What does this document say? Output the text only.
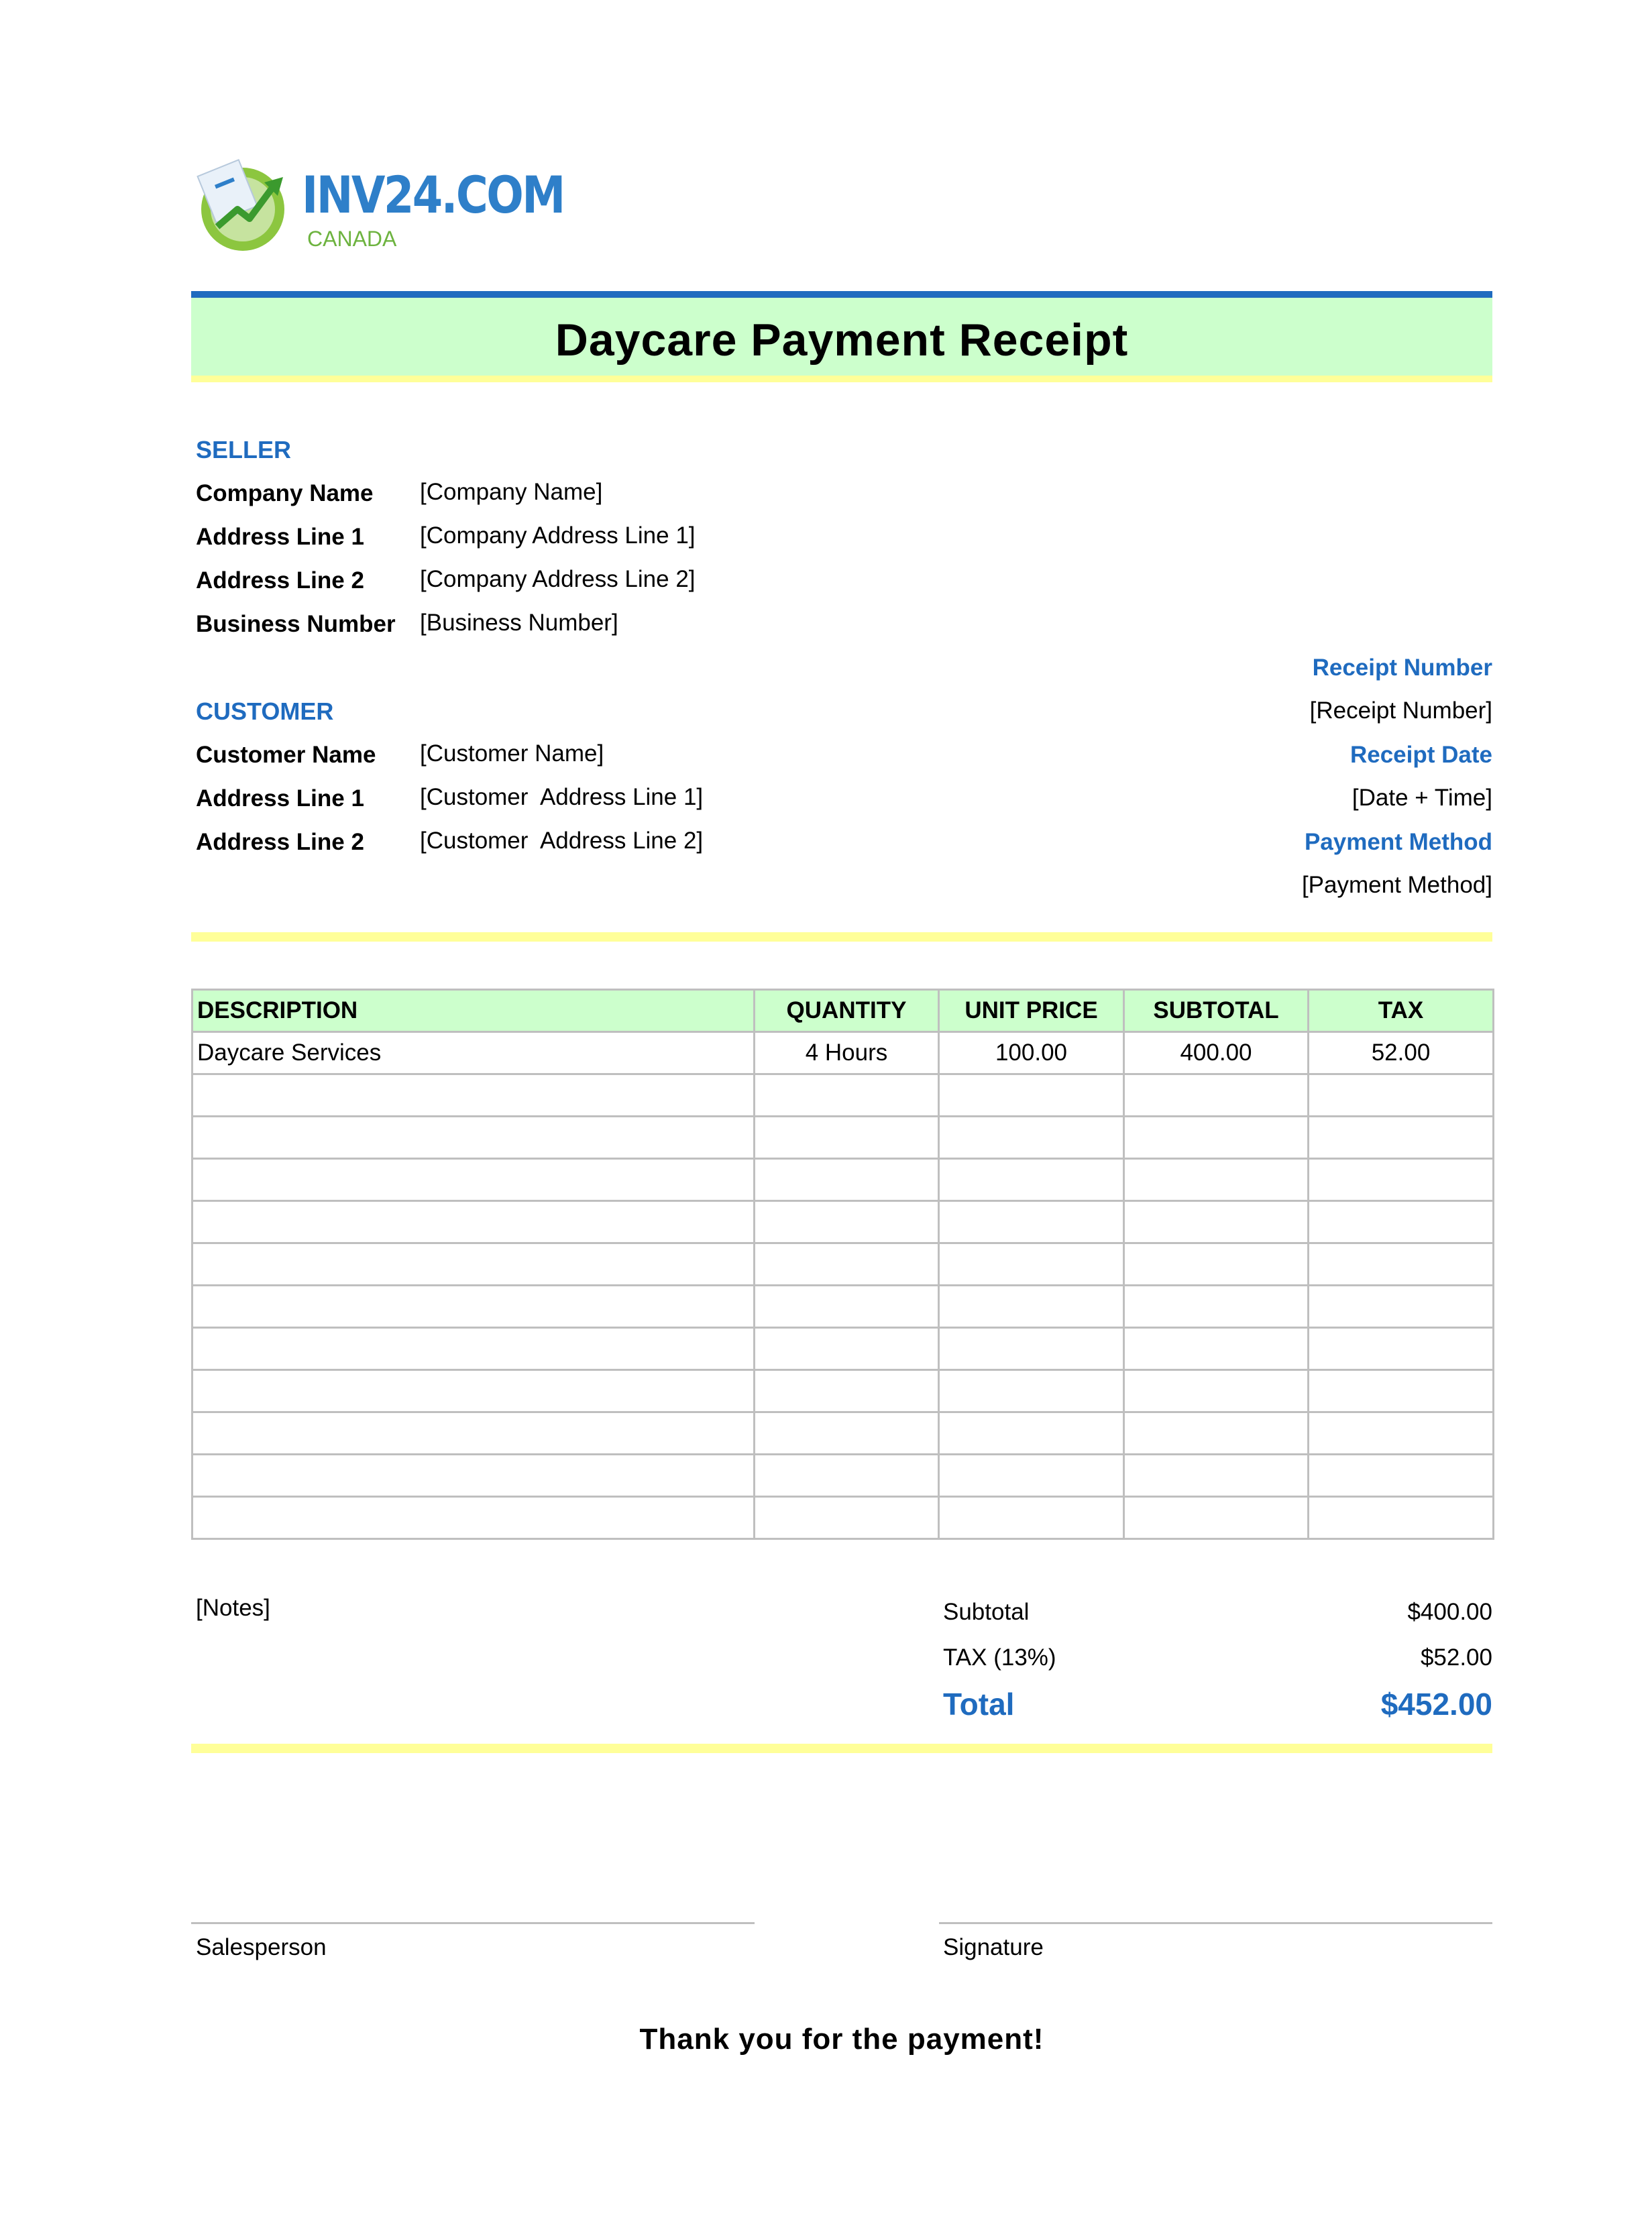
INV24.COM
CANADA
Daycare Payment Receipt
SELLER
Company Name [Company Name]
Address Line 1 [Company Address Line 1]
Address Line 2 [Company Address Line 2]
Business Number [Business Number]
CUSTOMER
Customer Name [Customer Name]
Address Line 1 [Customer  Address Line 1]
Address Line 2 [Customer  Address Line 2]
Receipt Number
[Receipt Number]
Receipt Date
[Date + Time]
Payment Method
[Payment Method]
DESCRIPTION	QUANTITY	UNIT PRICE	SUBTOTAL	TAX
Daycare Services	4 Hours	100.00	400.00	52.00

[Notes]	Subtotal	$400.00
TAX (13%)	$52.00
Total	$452.00
Salesperson	Signature
Thank you for the payment!
